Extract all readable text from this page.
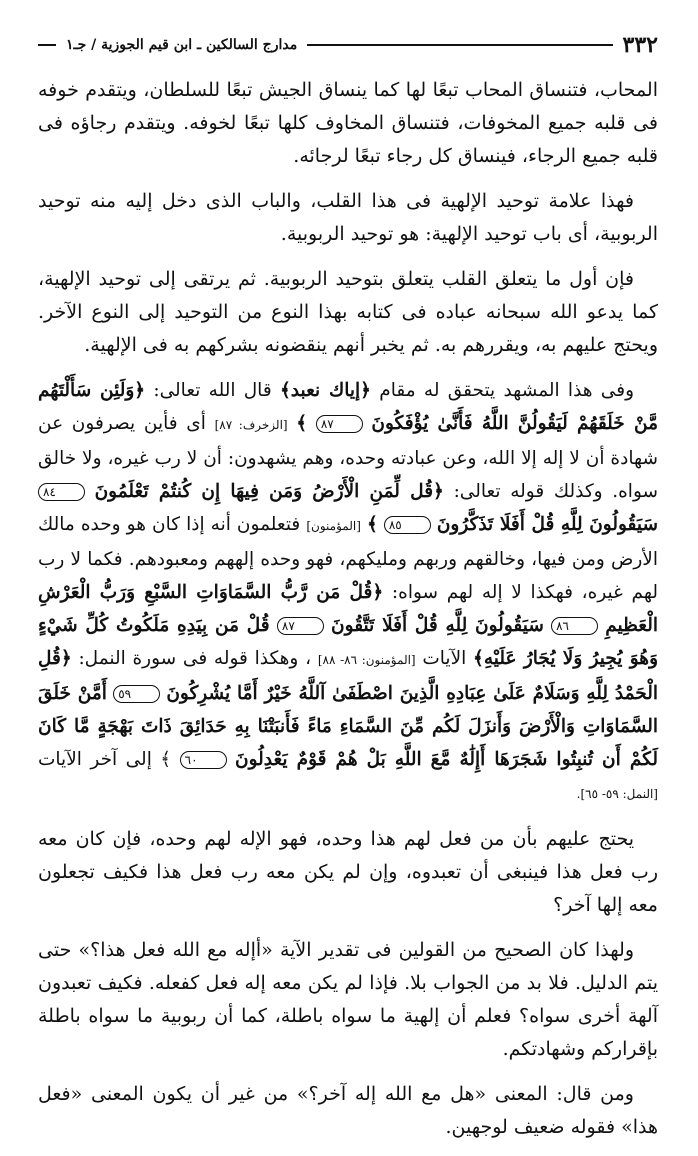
٣٣٢
مدارج السالكين ـ ابن قيم الجوزية / جـ١

المحاب، فتنساق المحاب تبعًا لها كما ينساق الجيش تبعًا للسلطان، ويتقدم خوفه فى قلبه جميع المخوفات، فتنساق المخاوف كلها تبعًا لخوفه. ويتقدم رجاؤه فى قلبه جميع الرجاء، فينساق كل رجاء تبعًا لرجائه.

فهذا علامة توحيد الإلهية فى هذا القلب، والباب الذى دخل إليه منه توحيد الربوبية، أى باب توحيد الإلهية: هو توحيد الربوبية.

فإن أول ما يتعلق القلب يتعلق بتوحيد الربوبية. ثم يرتقى إلى توحيد الإلهية، كما يدعو الله سبحانه عباده فى كتابه بهذا النوع من التوحيد إلى النوع الآخر. ويحتج عليهم به، ويقررهم به. ثم يخبر أنهم ينقضونه بشركهم به فى الإلهية.

وفى هذا المشهد يتحقق له مقام ﴿إياك نعبد﴾ قال الله تعالى: ﴿وَلَئِن سَأَلْتَهُم مَّنْ خَلَقَهُمْ لَيَقُولُنَّ اللَّهُ فَأَنَّىٰ يُؤْفَكُونَ ٨٧ ﴾ [الزخرف: ٨٧] أى فأين يصرفون عن شهادة أن لا إله إلا الله، وعن عبادته وحده، وهم يشهدون: أن لا رب غيره، ولا خالق سواه. وكذلك قوله تعالى: ﴿قُل لِّمَنِ الْأَرْضُ وَمَن فِيهَا إِن كُنتُمْ تَعْلَمُونَ ٨٤ سَيَقُولُونَ لِلَّهِ قُلْ أَفَلَا تَذَكَّرُونَ ٨٥ ﴾ [المؤمنون] فتعلمون أنه إذا كان هو وحده مالك الأرض ومن فيها، وخالقهم وربهم ومليكهم، فهو وحده إلههم ومعبودهم. فكما لا رب لهم غيره، فهكذا لا إله لهم سواه: ﴿قُلْ مَن رَّبُّ السَّمَاوَاتِ السَّبْعِ وَرَبُّ الْعَرْشِ الْعَظِيمِ ٨٦ سَيَقُولُونَ لِلَّهِ قُلْ أَفَلَا تَتَّقُونَ ٨٧ قُلْ مَن بِيَدِهِ مَلَكُوتُ كُلِّ شَيْءٍ وَهُوَ يُجِيرُ وَلَا يُجَارُ عَلَيْهِ﴾ الآيات [المؤمنون: ٨٦- ٨٨] ، وهكذا قوله فى سورة النمل: ﴿قُلِ الْحَمْدُ لِلَّهِ وَسَلَامٌ عَلَىٰ عِبَادِهِ الَّذِينَ اصْطَفَىٰ آللَّهُ خَيْرٌ أَمَّا يُشْرِكُونَ ٥٩ أَمَّنْ خَلَقَ السَّمَاوَاتِ وَالْأَرْضَ وَأَنزَلَ لَكُم مِّنَ السَّمَاءِ مَاءً فَأَنبَتْنَا بِهِ حَدَائِقَ ذَاتَ بَهْجَةٍ مَّا كَانَ لَكُمْ أَن تُنبِتُوا شَجَرَهَا أَإِلَٰهٌ مَّعَ اللَّهِ بَلْ هُمْ قَوْمٌ يَعْدِلُونَ ٦٠ ﴾ إلى آخر الآيات [النمل: ٥٩- ٦٥].

يحتج عليهم بأن من فعل لهم هذا وحده، فهو الإله لهم وحده، فإن كان معه رب فعل هذا فينبغى أن تعبدوه، وإن لم يكن معه رب فعل هذا فكيف تجعلون معه إلها آخر؟

ولهذا كان الصحيح من القولين فى تقدير الآية «أإله مع الله فعل هذا؟» حتى يتم الدليل. فلا بد من الجواب بلا. فإذا لم يكن معه إله فعل كفعله. فكيف تعبدون آلهة أخرى سواه؟ فعلم أن إلهية ما سواه باطلة، كما أن ربوبية ما سواه باطلة بإقراركم وشهادتكم.

ومن قال: المعنى «هل مع الله إله آخر؟» من غير أن يكون المعنى «فعل هذا» فقوله ضعيف لوجهين.
